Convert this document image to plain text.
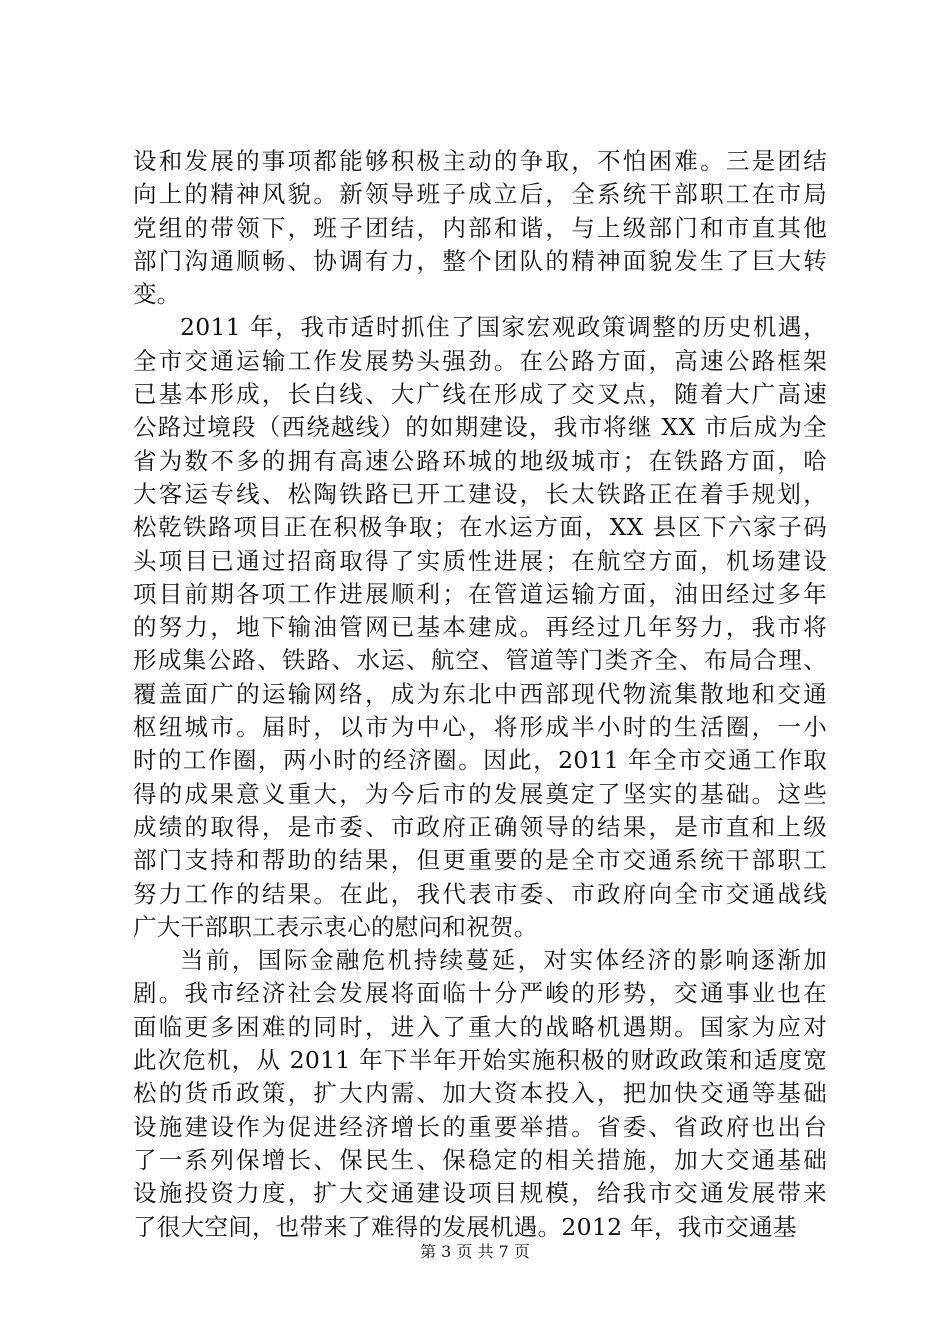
设和发展的事项都能够积极主动的争取，不怕困难。三是团结
向上的精神风貌。新领导班子成立后，全系统干部职工在市局
党组的带领下，班子团结，内部和谐，与上级部门和市直其他
部门沟通顺畅、协调有力，整个团队的精神面貌发生了巨大转
变。
2011 年，我市适时抓住了国家宏观政策调整的历史机遇，
全市交通运输工作发展势头强劲。在公路方面，高速公路框架
已基本形成，长白线、大广线在形成了交叉点，随着大广高速
公路过境段（西绕越线）的如期建设，我市将继 XX 市后成为全
省为数不多的拥有高速公路环城的地级城市；在铁路方面，哈
大客运专线、松陶铁路已开工建设，长太铁路正在着手规划，
松乾铁路项目正在积极争取；在水运方面，XX 县区下六家子码
头项目已通过招商取得了实质性进展；在航空方面，机场建设
项目前期各项工作进展顺利；在管道运输方面，油田经过多年
的努力，地下输油管网已基本建成。再经过几年努力，我市将
形成集公路、铁路、水运、航空、管道等门类齐全、布局合理、
覆盖面广的运输网络，成为东北中西部现代物流集散地和交通
枢纽城市。届时，以市为中心，将形成半小时的生活圈，一小
时的工作圈，两小时的经济圈。因此，2011 年全市交通工作取
得的成果意义重大，为今后市的发展奠定了坚实的基础。这些
成绩的取得，是市委、市政府正确领导的结果，是市直和上级
部门支持和帮助的结果，但更重要的是全市交通系统干部职工
努力工作的结果。在此，我代表市委、市政府向全市交通战线
广大干部职工表示衷心的慰问和祝贺。
当前，国际金融危机持续蔓延，对实体经济的影响逐渐加
剧。我市经济社会发展将面临十分严峻的形势，交通事业也在
面临更多困难的同时，进入了重大的战略机遇期。国家为应对
此次危机，从 2011 年下半年开始实施积极的财政政策和适度宽
松的货币政策，扩大内需、加大资本投入，把加快交通等基础
设施建设作为促进经济增长的重要举措。省委、省政府也出台
了一系列保增长、保民生、保稳定的相关措施，加大交通基础
设施投资力度，扩大交通建设项目规模，给我市交通发展带来
了很大空间，也带来了难得的发展机遇。2012 年，我市交通基
第 3 页 共 7 页
